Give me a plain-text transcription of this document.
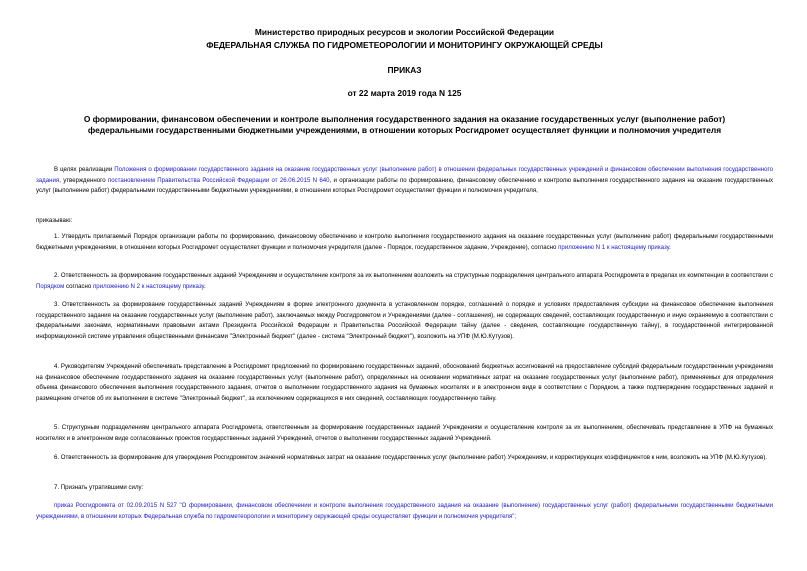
Министерство природных ресурсов и экологии Российской Федерации
ФЕДЕРАЛЬНАЯ СЛУЖБА ПО ГИДРОМЕТЕОРОЛОГИИ И МОНИТОРИНГУ ОКРУЖАЮЩЕЙ СРЕДЫ
ПРИКАЗ
от 22 марта 2019 года N 125
О формировании, финансовом обеспечении и контроле выполнения государственного задания на оказание государственных услуг (выполнение работ) федеральными государственными бюджетными учреждениями, в отношении которых Росгидромет осуществляет функции и полномочия учредителя
В целях реализации Положения о формировании государственного задания на оказание государственных услуг (выполнение работ) в отношении федеральных государственных учреждений и финансовом обеспечении выполнения государственного задания, утвержденного постановлением Правительства Российской Федерации от 26.06.2015 N 640, и организации работы по формированию, финансовому обеспечению и контролю выполнения государственного задания на оказание государственных услуг (выполнение работ) федеральными государственными бюджетными учреждениями, в отношении которых Росгидромет осуществляет функции и полномочия учредителя,
приказываю:
1. Утвердить прилагаемый Порядок организации работы по формированию, финансовому обеспечению и контролю выполнения государственного задания на оказание государственных услуг (выполнение работ) федеральными государственными бюджетными учреждениями, в отношении которых Росгидромет осуществляет функции и полномочия учредителя (далее - Порядок, государственное задание, Учреждение), согласно приложению N 1 к настоящему приказу.
2. Ответственность за формирование государственных заданий Учреждениям и осуществление контроля за их выполнением возложить на структурные подразделения центрального аппарата Росгидромета в пределах их компетенции в соответствии с Порядком согласно приложению N 2 к настоящему приказу.
3. Ответственность за формирование государственных заданий Учреждениям в форме электронного документа в установленном порядке, соглашений о порядке и условиях предоставления субсидии на финансовое обеспечение выполнения государственного задания на оказание государственных услуг (выполнение работ), заключаемых между Росгидрометом и Учреждениями (далее - соглашения), не содержащих сведений, составляющих государственную и иную охраняемую в соответствии с федеральными законами, нормативными правовыми актами Президента Российской Федерации и Правительства Российской Федерации тайну (далее - сведения, составляющие государственную тайну), в государственной интегрированной информационной системе управления общественными финансами "Электронный бюджет" (далее - система "Электронный бюджет"), возложить на УПФ (М.Ю.Кутузов).
4. Руководителям Учреждений обеспечивать представление в Росгидромет предложений по формированию государственных заданий, обоснований бюджетных ассигнований на предоставление субсидий федеральным государственным учреждениям на финансовое обеспечение государственного задания на оказание государственных услуг (выполнение работ), определенных на основании нормативных затрат на оказание государственных услуг (выполнение работ), применяемых для определения объема финансового обеспечения выполнения государственного задания, отчетов о выполнении государственного задания на бумажных носителях и в электронном виде в соответствии с Порядком, а также подтверждение государственных заданий и размещение отчетов об их выполнении в системе "Электронный бюджет", за исключением содержащихся в них сведений, составляющих государственную тайну.
5. Структурным подразделениям центрального аппарата Росгидромета, ответственным за формирование государственных заданий Учреждениям и осуществление контроля за их выполнением, обеспечивать представление в УПФ на бумажных носителях и в электронном виде согласованных проектов государственных заданий Учреждений, отчетов о выполнении государственных заданий Учреждений.
6. Ответственность за формирование для утверждения Росгидрометом значений нормативных затрат на оказание государственных услуг (выполнение работ) Учреждениям, и корректирующих коэффициентов к ним, возложить на УПФ (М.Ю.Кутузов).
7. Признать утратившими силу:
приказ Росгидромета от 02.09.2015 N 527 "О формировании, финансовом обеспечении и контроле выполнения государственного задания на оказание (выполнение) государственных услуг (работ) федеральными государственными бюджетными учреждениями, в отношении которых Федеральная служба по гидрометеорологии и мониторингу окружающей среды осуществляет функции и полномочия учредителя";
